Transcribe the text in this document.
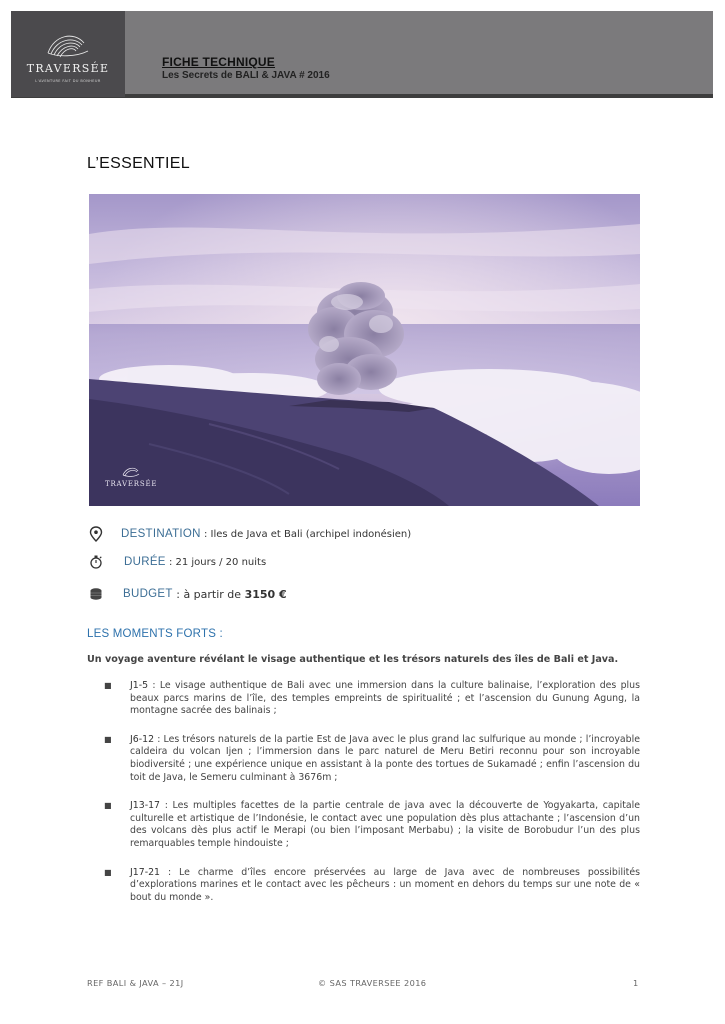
TRAVERSÉE
L'AVENTURE FAIT DU BONHEUR
FICHE TECHNIQUE
Les Secrets de BALI & JAVA # 2016
L’ESSENTIEL
TRAVERSÉE
DESTINATION : Iles de Java et Bali (archipel indonésien)
DURÉE : 21 jours / 20 nuits
BUDGET : à partir de 3150 €
LES MOMENTS FORTS :
Un voyage aventure révélant le visage authentique et les trésors naturels des îles de Bali et Java.
■ J1-5 : Le visage authentique de Bali avec une immersion dans la culture balinaise, l’exploration des plus beaux parcs marins de l’île, des temples empreints de spiritualité ; et l’ascension du Gunung Agung, la montagne sacrée des balinais ;
■ J6-12 : Les trésors naturels de la partie Est de Java avec le plus grand lac sulfurique au monde ; l’incroyable caldeira du volcan Ijen ; l’immersion dans le parc naturel de Meru Betiri reconnu pour son incroyable biodiversité ; une expérience unique en assistant à la ponte des tortues de Sukamadé ; enfin l’ascension du toit de Java, le Semeru culminant à 3676m ;
■ J13-17 : Les multiples facettes de la partie centrale de java avec la découverte de Yogyakarta, capitale culturelle et artistique de l’Indonésie, le contact avec une population dès plus attachante ; l’ascension d’un des volcans dès plus actif le Merapi (ou bien l’imposant Merbabu) ; la visite de Borobudur l’un des plus remarquables temple hindouiste ;
■ J17-21 : Le charme d’îles encore préservées au large de Java avec de nombreuses possibilités d’explorations marines et le contact avec les pêcheurs : un moment en dehors du temps sur une note de « bout du monde ».
REF BALI & JAVA – 21J	© SAS TRAVERSEE 2016	1
